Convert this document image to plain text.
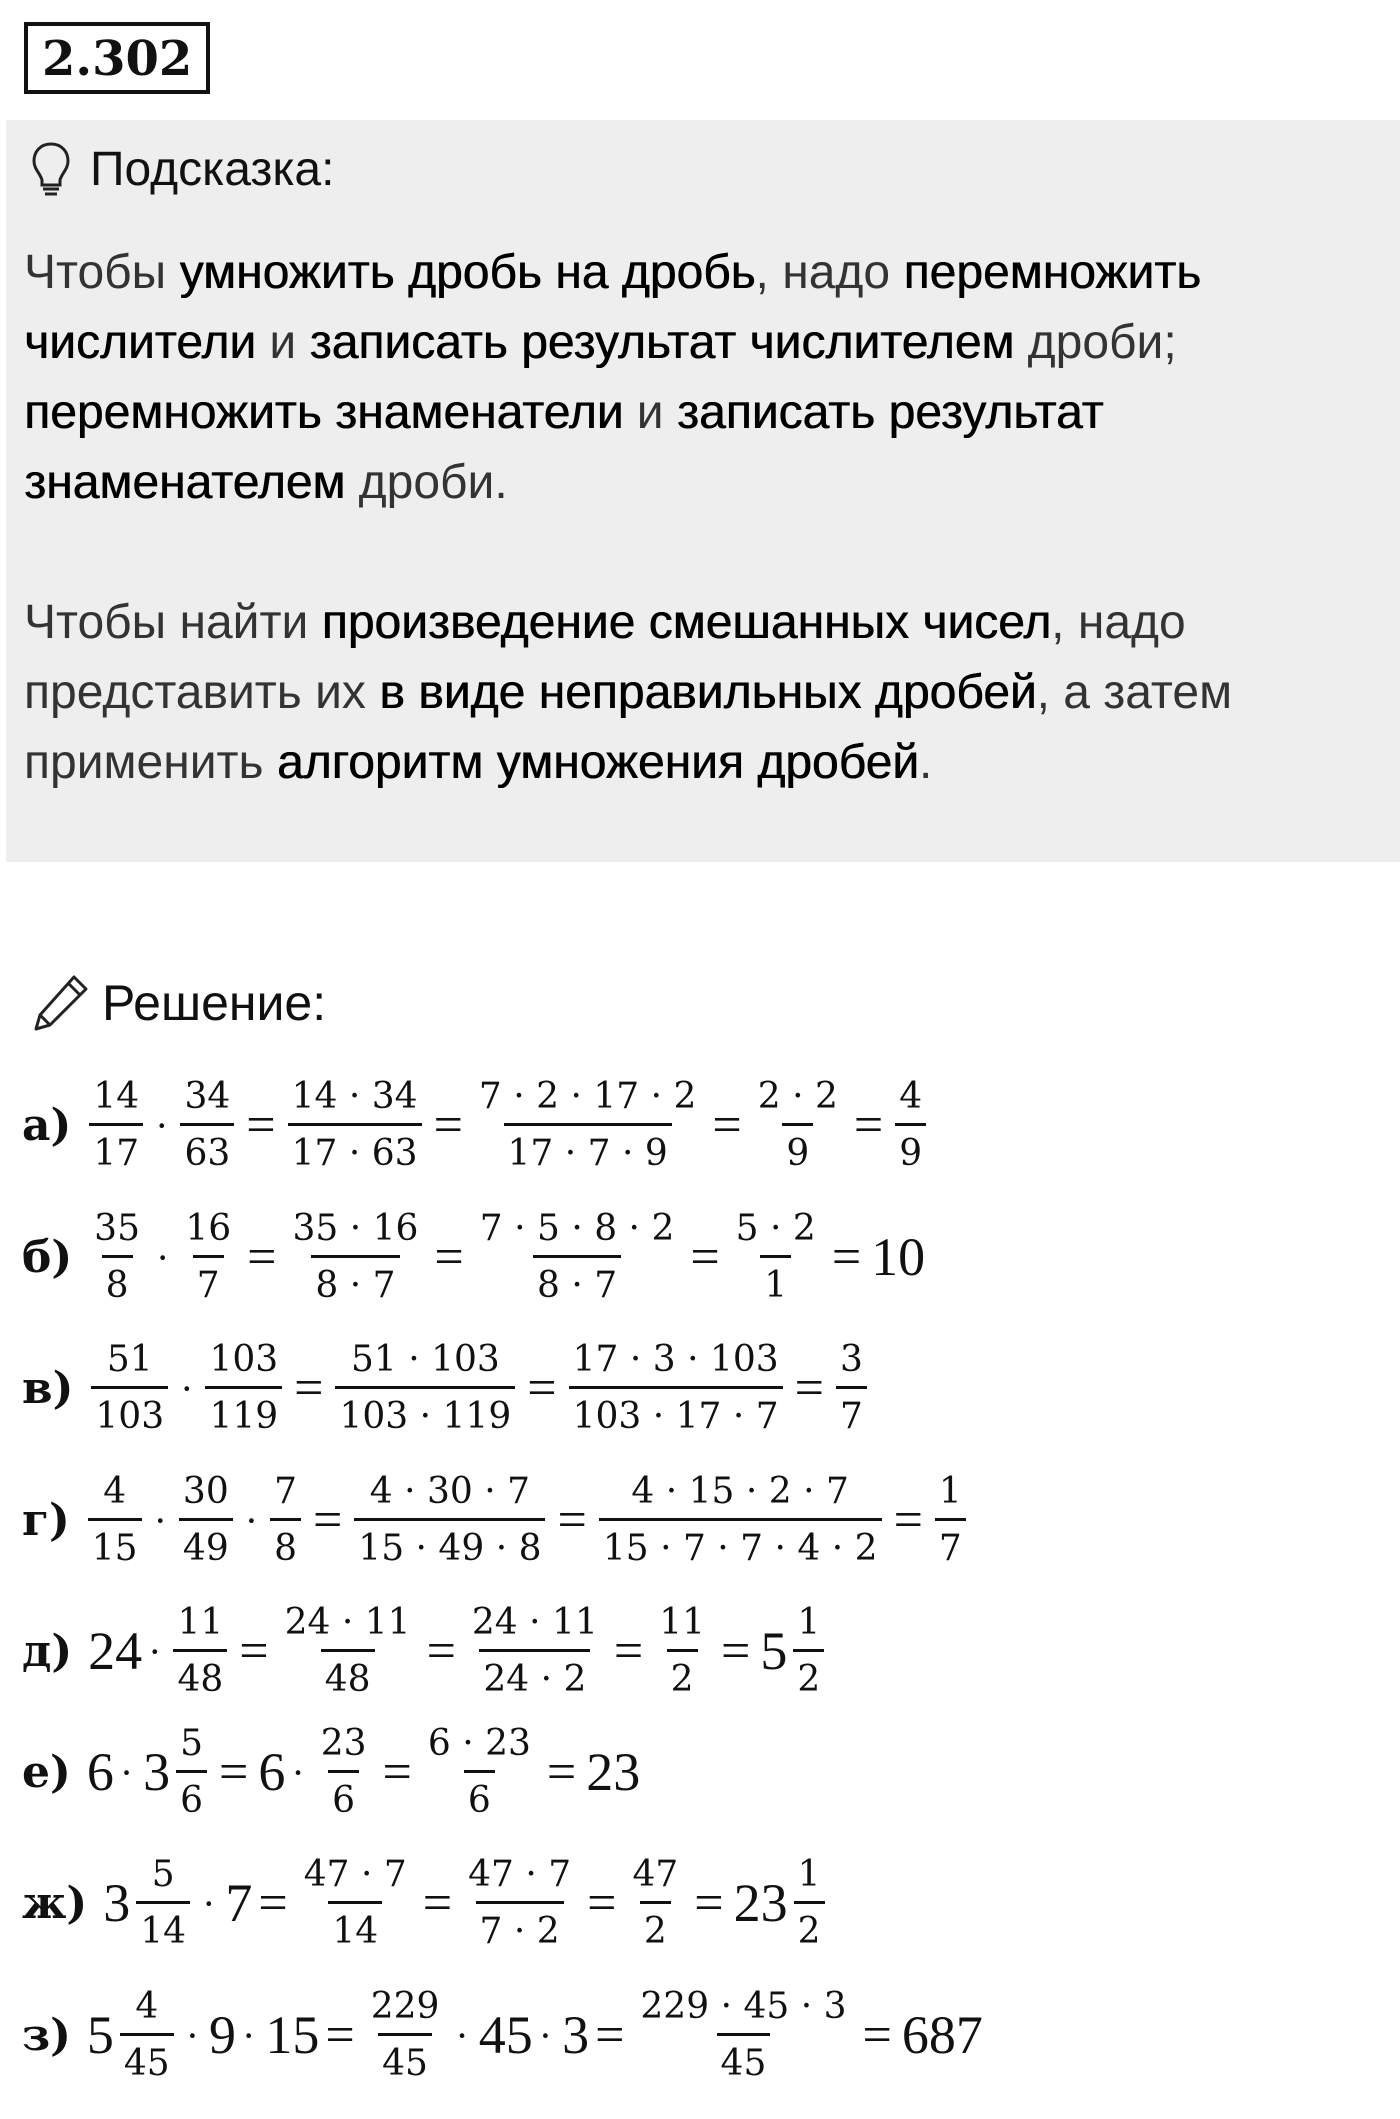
2.302
Подсказка:
Чтобы умножить дробь на дробь, надо перемножить числители и записать результат числителем дроби; перемножить знаменатели и записать результат знаменателем дроби.
Чтобы найти произведение смешанных чисел, надо представить их в виде неправильных дробей, а затем применить алгоритм умножения дробей.
Решение:
$а) \frac{14}{17} \cdot \frac{34}{63} = \frac{14 \cdot 34}{17 \cdot 63} = \frac{7 \cdot 2 \cdot 17 \cdot 2}{17 \cdot 7 \cdot 9} = \frac{2 \cdot 2}{9} = \frac{4}{9}$
$б) \frac{35}{8} \cdot \frac{16}{7} = \frac{35 \cdot 16}{8 \cdot 7} = \frac{7 \cdot 5 \cdot 8 \cdot 2}{8 \cdot 7} = \frac{5 \cdot 2}{1} = 10$
$в) \frac{51}{103} \cdot \frac{103}{119} = \frac{51 \cdot 103}{103 \cdot 119} = \frac{17 \cdot 3 \cdot 103}{103 \cdot 17 \cdot 7} = \frac{3}{7}$
$г) \frac{4}{15} \cdot \frac{30}{49} \cdot \frac{7}{8} = \frac{4 \cdot 30 \cdot 7}{15 \cdot 49 \cdot 8} = \frac{4 \cdot 15 \cdot 2 \cdot 7}{15 \cdot 7 \cdot 7 \cdot 4 \cdot 2} = \frac{1}{7}$
д) $24 \cdot \frac{11}{48} = \frac{24 \cdot 11}{48} = \frac{24 \cdot 11}{24 \cdot 2} = \frac{11}{2} = 5 \frac{1}{2}$
е) $6 \cdot 3 \frac{5}{6} = 6 \cdot \frac{23}{6} = \frac{6 \cdot 23}{6} = 23$
ж) $3 \frac{5}{14} \cdot 7 = \frac{47 \cdot 7}{14} = \frac{47 \cdot 7}{7 \cdot 2} = \frac{47}{2} = 23 \frac{1}{2}$
з) $5 \frac{4}{45} \cdot 9 \cdot 15 = \frac{229}{45} \cdot 45 \cdot 3 = \frac{229 \cdot 45 \cdot 3}{45} = 687$
